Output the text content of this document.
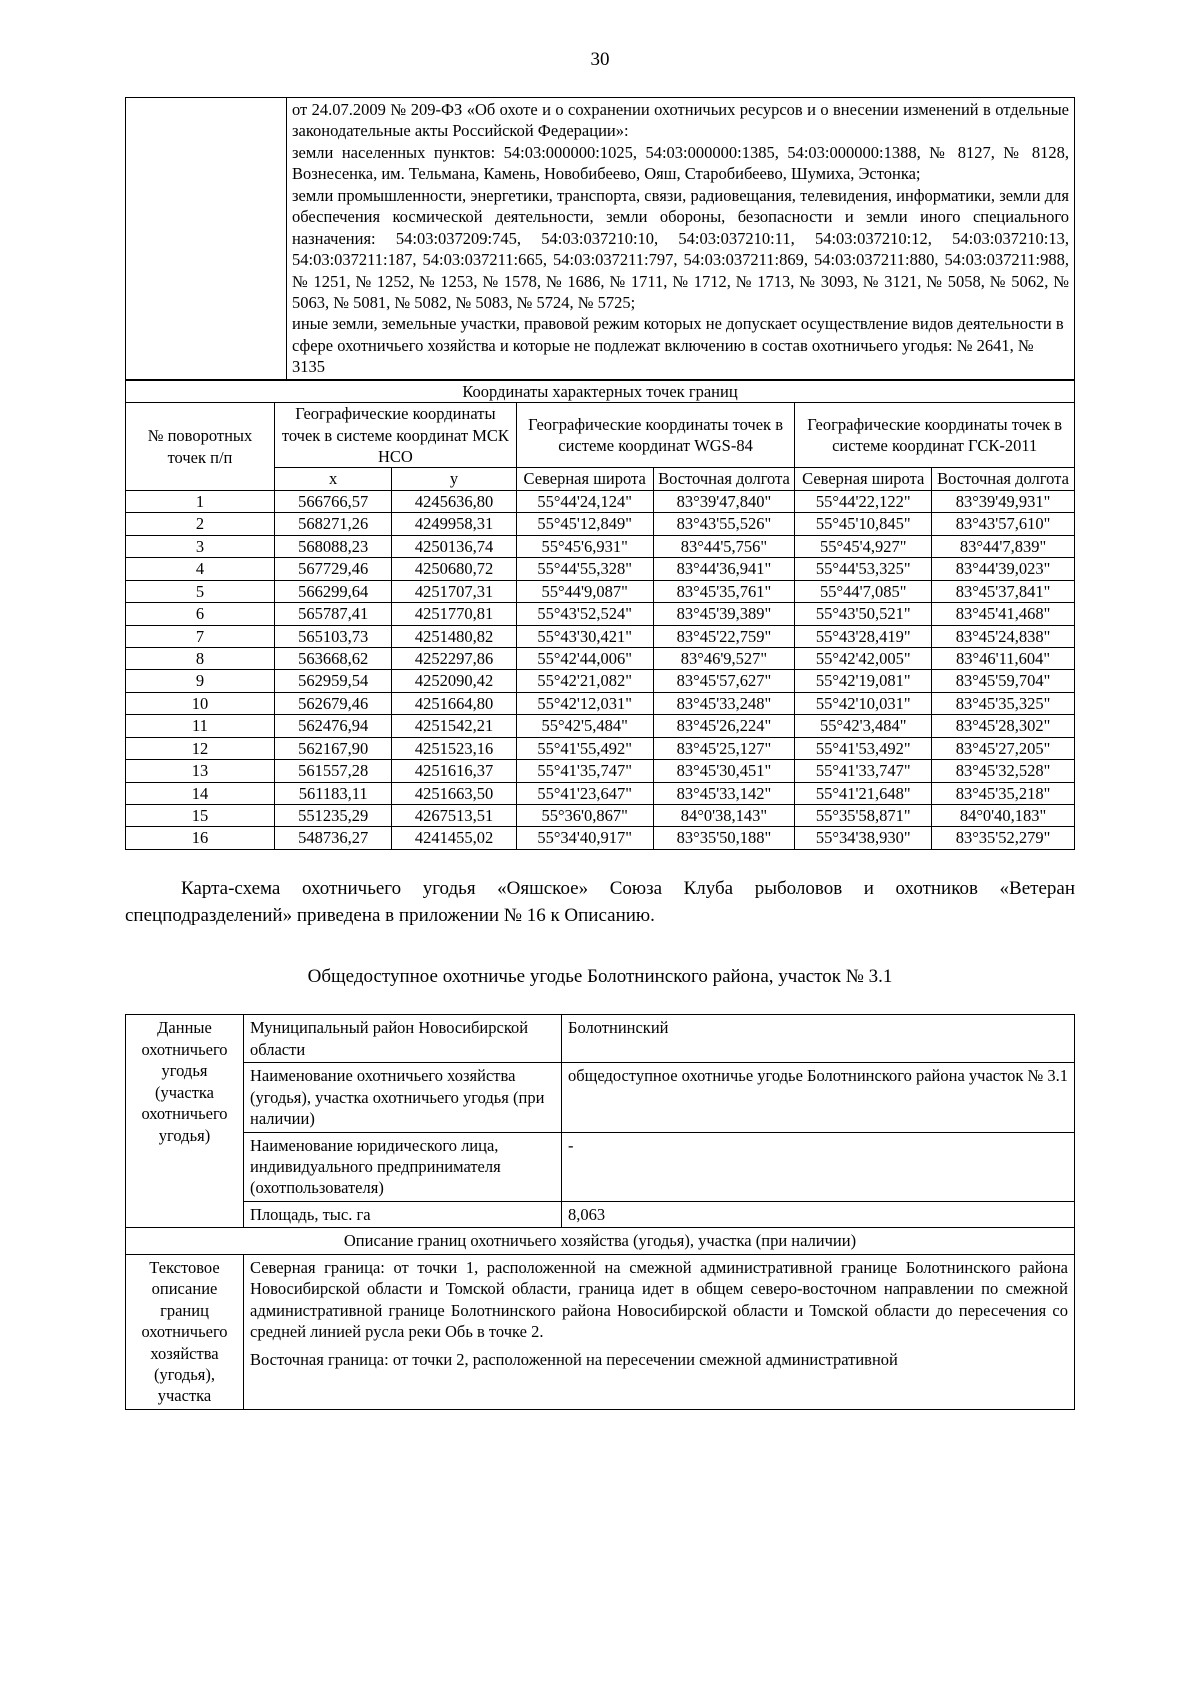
30

от 24.07.2009 № 209-ФЗ «Об охоте и о сохранении охотничьих ресурсов и о внесении изменений в отдельные законодательные акты Российской Федерации»:

земли населенных пунктов: 54:03:000000:1025, 54:03:000000:1385, 54:03:000000:1388, № 8127, № 8128, Вознесенка, им. Тельмана, Камень, Новобибеево, Ояш, Старобибеево, Шумиха, Эстонка;

земли промышленности, энергетики, транспорта, связи, радиовещания, телевидения, информатики, земли для обеспечения космической деятельности, земли обороны, безопасности и земли иного специального назначения: 54:03:037209:745, 54:03:037210:10, 54:03:037210:11, 54:03:037210:12, 54:03:037210:13, 54:03:037211:187, 54:03:037211:665, 54:03:037211:797, 54:03:037211:869, 54:03:037211:880, 54:03:037211:988, № 1251, № 1252, № 1253, № 1578, № 1686, № 1711, № 1712, № 1713, № 3093, № 3121, № 5058, № 5062, № 5063, № 5081, № 5082, № 5083, № 5724, № 5725;

иные земли, земельные участки, правовой режим которых не допускает осуществление видов деятельности в сфере охотничьего хозяйства и которые не подлежат включению в состав охотничьего угодья: № 2641, № 3135

Координаты характерных точек границ						
№ поворотных точек п/п	Географические координаты точек в системе координат МСК НСО		Географические координаты точек в системе координат WGS-84		Географические координаты точек в системе координат ГСК-2011	
	x	y	Северная широта	Восточная долгота	Северная широта	Восточная долгота
1	566766,57	4245636,80	55°44'24,124"	83°39'47,840"	55°44'22,122"	83°39'49,931"
2	568271,26	4249958,31	55°45'12,849"	83°43'55,526"	55°45'10,845"	83°43'57,610"
3	568088,23	4250136,74	55°45'6,931"	83°44'5,756"	55°45'4,927"	83°44'7,839"
4	567729,46	4250680,72	55°44'55,328"	83°44'36,941"	55°44'53,325"	83°44'39,023"
5	566299,64	4251707,31	55°44'9,087"	83°45'35,761"	55°44'7,085"	83°45'37,841"
6	565787,41	4251770,81	55°43'52,524"	83°45'39,389"	55°43'50,521"	83°45'41,468"
7	565103,73	4251480,82	55°43'30,421"	83°45'22,759"	55°43'28,419"	83°45'24,838"
8	563668,62	4252297,86	55°42'44,006"	83°46'9,527"	55°42'42,005"	83°46'11,604"
9	562959,54	4252090,42	55°42'21,082"	83°45'57,627"	55°42'19,081"	83°45'59,704"
10	562679,46	4251664,80	55°42'12,031"	83°45'33,248"	55°42'10,031"	83°45'35,325"
11	562476,94	4251542,21	55°42'5,484"	83°45'26,224"	55°42'3,484"	83°45'28,302"
12	562167,90	4251523,16	55°41'55,492"	83°45'25,127"	55°41'53,492"	83°45'27,205"
13	561557,28	4251616,37	55°41'35,747"	83°45'30,451"	55°41'33,747"	83°45'32,528"
14	561183,11	4251663,50	55°41'23,647"	83°45'33,142"	55°41'21,648"	83°45'35,218"
15	551235,29	4267513,51	55°36'0,867"	84°0'38,143"	55°35'58,871"	84°0'40,183"
16	548736,27	4241455,02	55°34'40,917"	83°35'50,188"	55°34'38,930"	83°35'52,279"
Карта-схема охотничьего угодья «Ояшское» Союза Клуба рыболовов и охотников «Ветеран спецподразделений» приведена в приложении № 16 к Описанию.
Общедоступное охотничье угодье Болотнинского района, участок № 3.1
Данные охотничьего угодья (участка охотничьего угодья)	Муниципальный район Новосибирской области	Болотнинский
	Наименование охотничьего хозяйства (угодья), участка охотничьего угодья (при наличии)	общедоступное охотничье угодье Болотнинского района участок № 3.1
	Наименование юридического лица, индивидуального предпринимателя (охотпользователя)	-
	Площадь, тыс. га	8,063
Описание границ охотничьего хозяйства (угодья), участка (при наличии)		
Текстовое описание границ охотничьего хозяйства (угодья), участка	Северная граница: от точки 1, расположенной на смежной административной границе Болотнинского района Новосибирской области и Томской области, граница идет в общем северо-восточном направлении по смежной административной границе Болотнинского района Новосибирской области и Томской области до пересечения со средней линией русла реки Обь в точке 2.

Восточная граница: от точки 2, расположенной на пересечении смежной административной	
